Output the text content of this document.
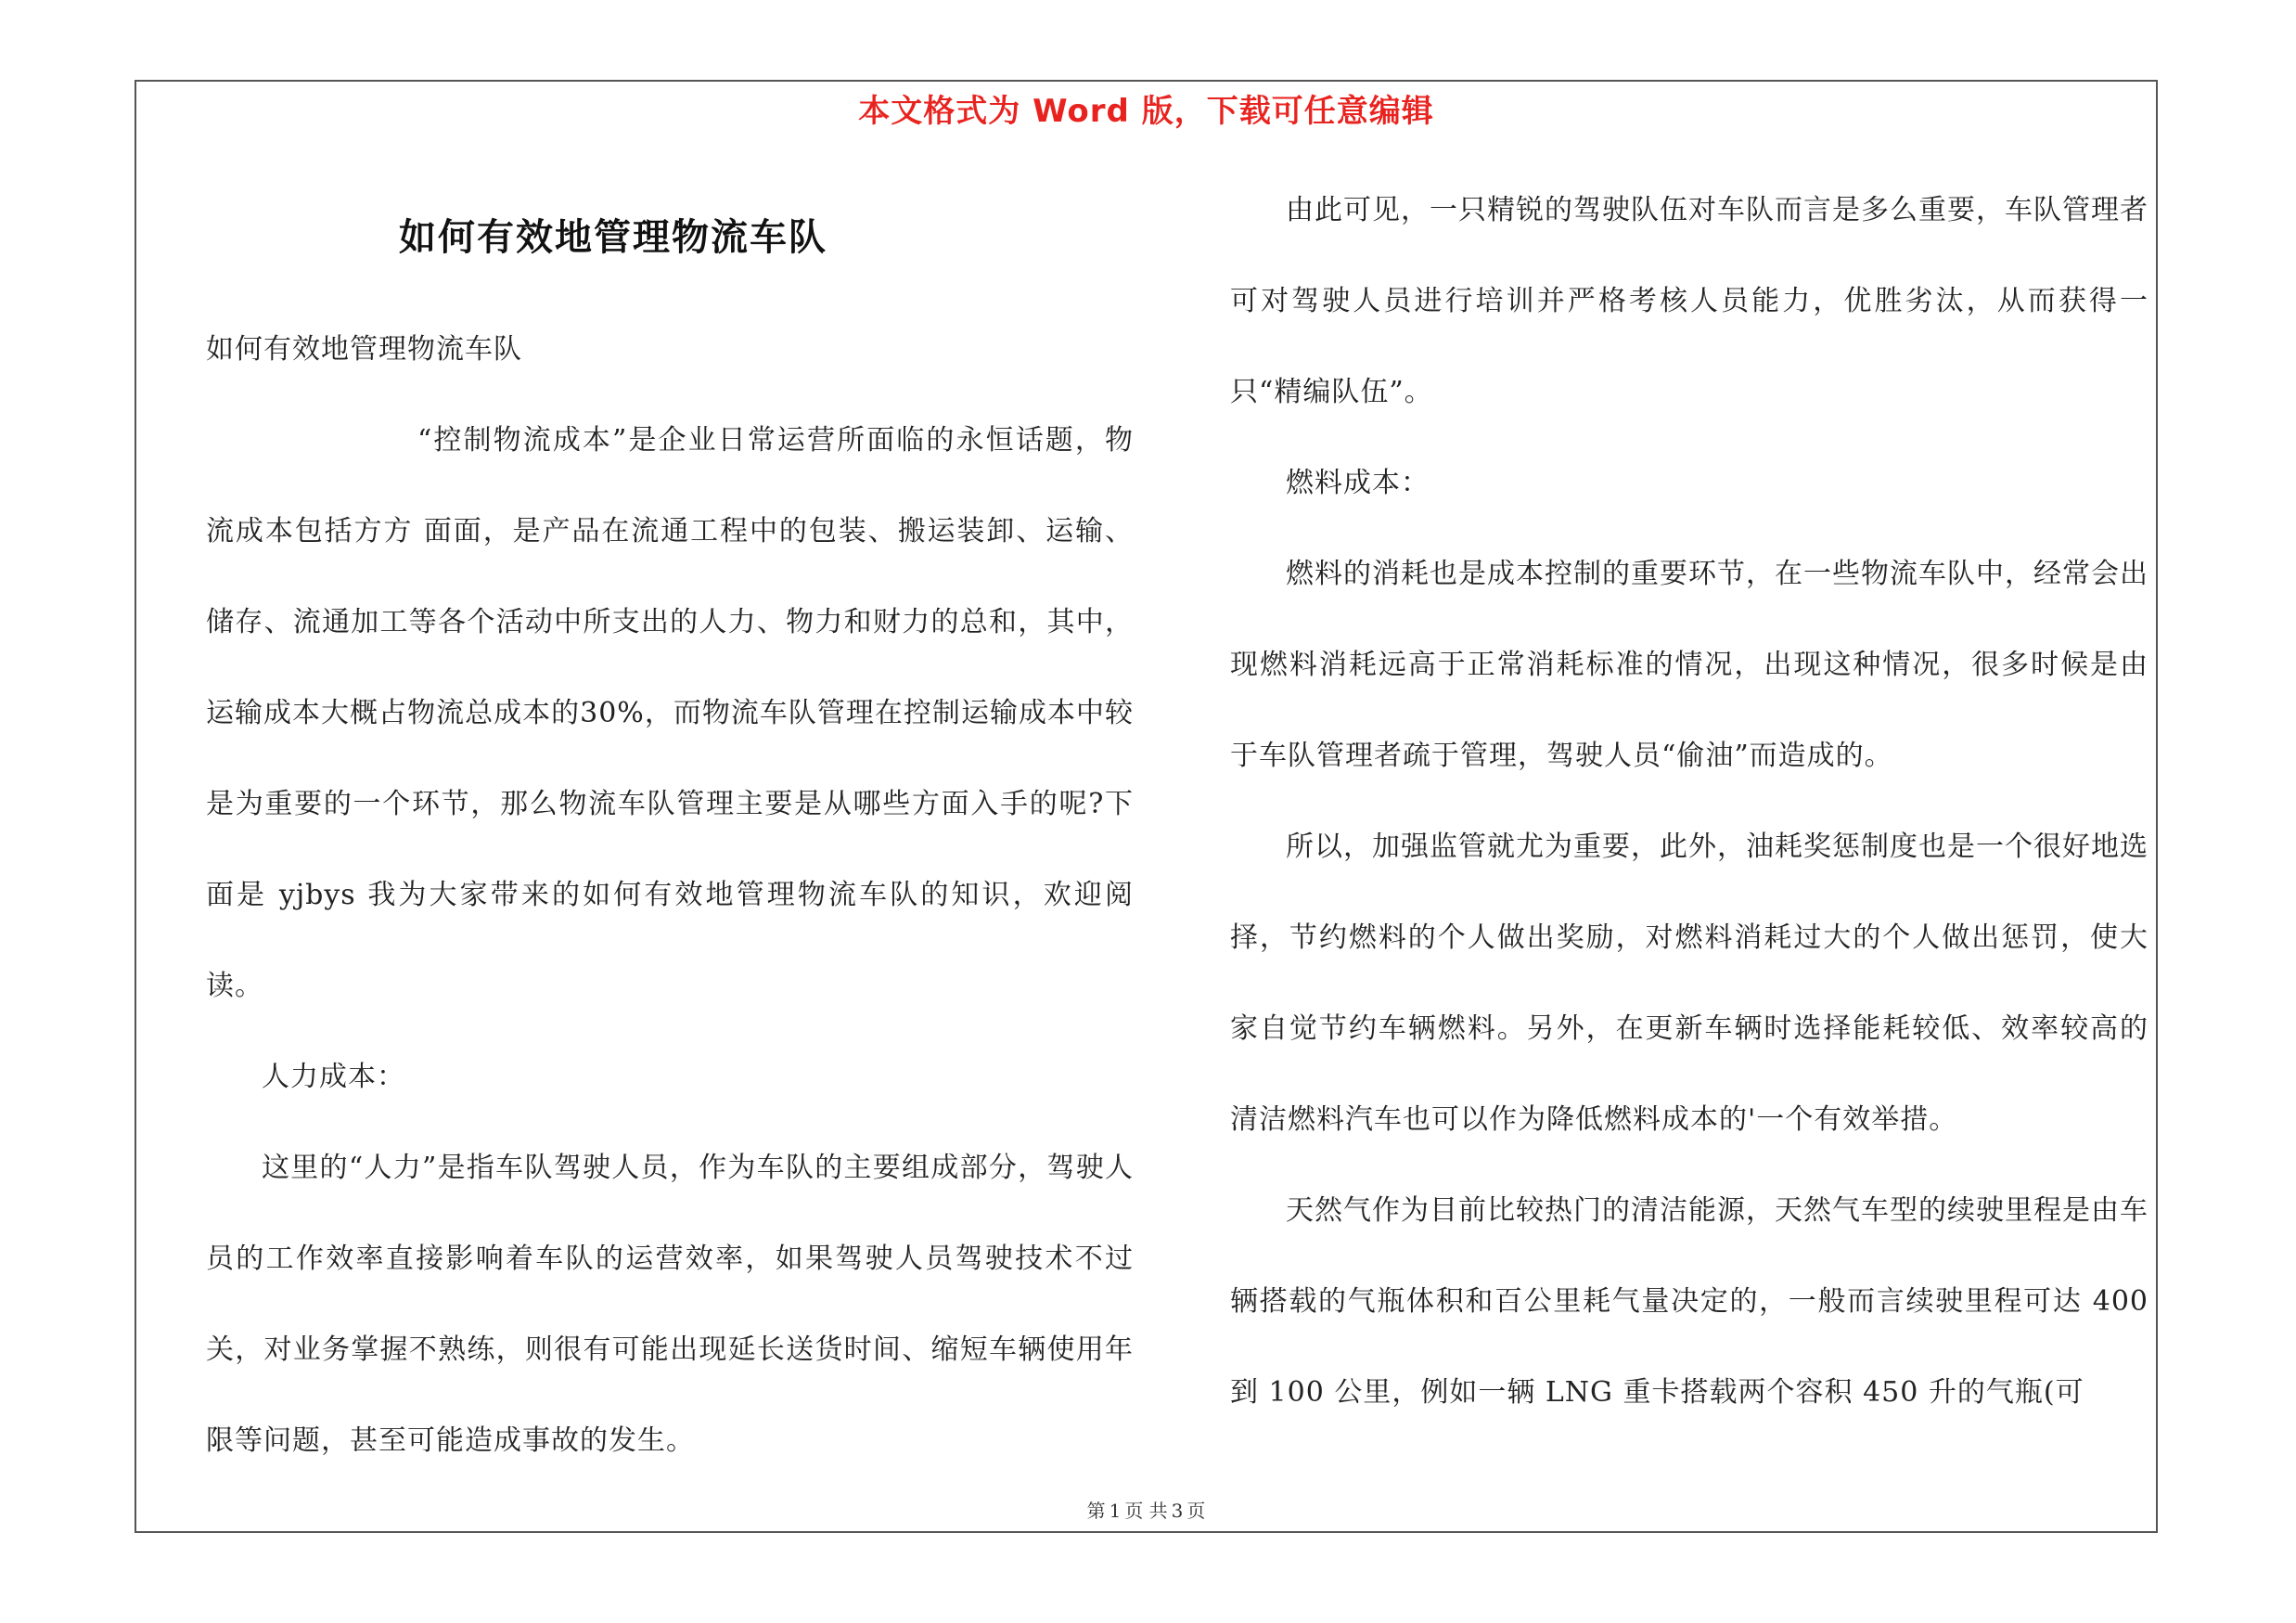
本文格式为 Word 版，下载可任意编辑
如何有效地管理物流车队

如何有效地管理物流车队

“控制物流成本”是企业日常运营所面临的永恒话题，物流成本包括方方 面面，是产品在流通工程中的包装、搬运装卸、运输、储存、流通加工等各个活动中所支出的人力、物力和财力的总和，其中，运输成本大概占物流总成本的30%，而物流车队管理在控制运输成本中较是为重要的一个环节，那么物流车队管理主要是从哪些方面入手的呢?下面是 yjbys 我为大家带来的如何有效地管理物流车队的知识，欢迎阅读。

人力成本：

这里的“人力”是指车队驾驶人员，作为车队的主要组成部分，驾驶人员的工作效率直接影响着车队的运营效率，如果驾驶人员驾驶技术不过关，对业务掌握不熟练，则很有可能出现延长送货时间、缩短车辆使用年限等问题，甚至可能造成事故的发生。

由此可见，一只精锐的驾驶队伍对车队而言是多么重要，车队管理者可对驾驶人员进行培训并严格考核人员能力，优胜劣汰，从而获得一只“精编队伍”。

燃料成本：

燃料的消耗也是成本控制的重要环节，在一些物流车队中，经常会出现燃料消耗远高于正常消耗标准的情况，出现这种情况，很多时候是由于车队管理者疏于管理，驾驶人员“偷油”而造成的。

所以，加强监管就尤为重要，此外，油耗奖惩制度也是一个很好地选择，节约燃料的个人做出奖励，对燃料消耗过大的个人做出惩罚，使大家自觉节约车辆燃料。另外，在更新车辆时选择能耗较低、效率较高的清洁燃料汽车也可以作为降低燃料成本的'一个有效举措。

天然气作为目前比较热门的清洁能源，天然气车型的续驶里程是由车辆搭载的气瓶体积和百公里耗气量决定的，一般而言续驶里程可达 400 到 100 公里，例如一辆 LNG 重卡搭载两个容积 450 升的气瓶(可

第 1 页 共 3 页
